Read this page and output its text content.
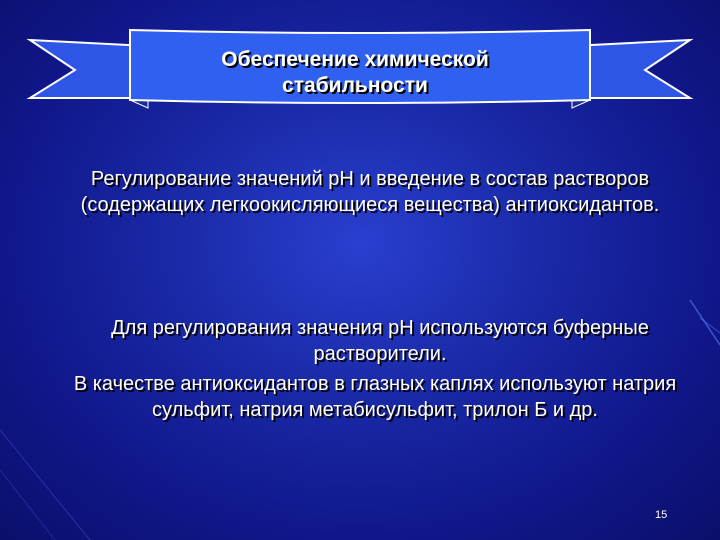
Обеспечение химической
стабильности
Регулирование значений рН и введение в состав растворов (содержащих легкоокисляющиеся вещества) антиоксидантов.
Для регулирования значения рН используются буферные растворители.
В качестве антиоксидантов в глазных каплях используют натрия сульфит, натрия метабисульфит, трилон Б и др.
15
